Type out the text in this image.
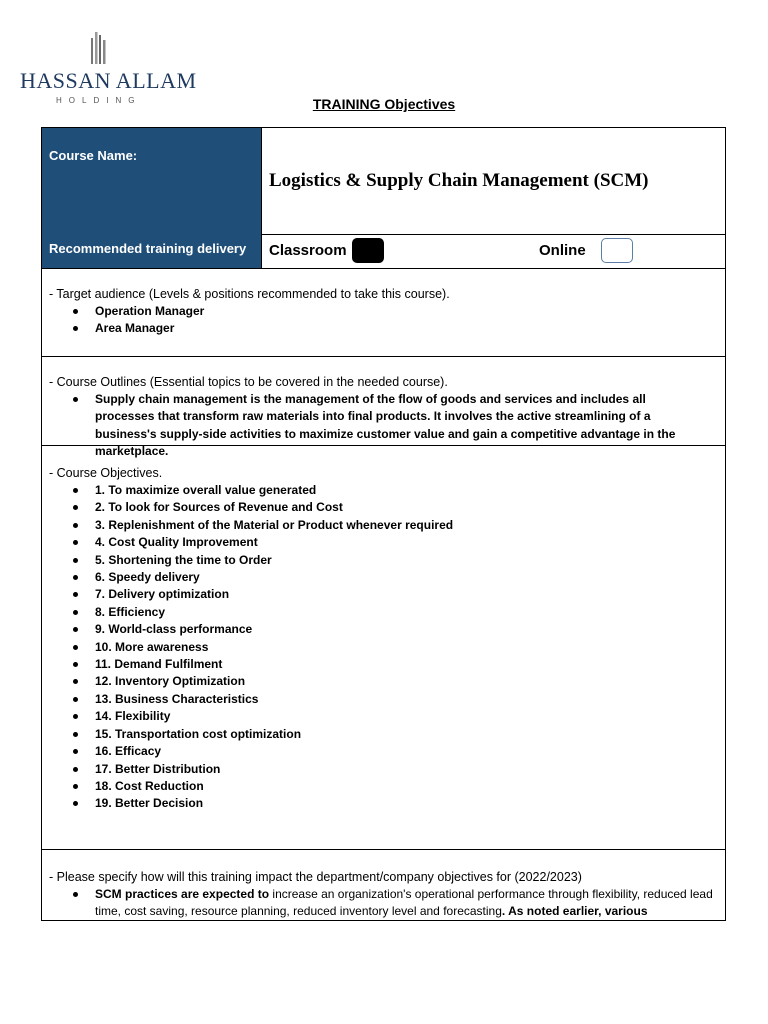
HASSAN ALLAM
HOLDING	TRAINING Objectives
Course Name:
Logistics & Supply Chain Management (SCM)
Recommended training delivery Classroom	Online
- Target audience (Levels & positions recommended to take this course).
Operation Manager
Area Manager
- Course Outlines (Essential topics to be covered in the needed course).
Supply chain management is the management of the flow of goods and services and includes all processes that transform raw materials into final products. It involves the active streamlining of a business's supply-side activities to maximize customer value and gain a competitive advantage in the marketplace.
- Course Objectives.
1. To maximize overall value generated
2. To look for Sources of Revenue and Cost
3. Replenishment of the Material or Product whenever required
4. Cost Quality Improvement
5. Shortening the time to Order
6. Speedy delivery
7. Delivery optimization
8. Efficiency
9. World-class performance
10. More awareness
11. Demand Fulfilment
12. Inventory Optimization
13. Business Characteristics
14. Flexibility
15. Transportation cost optimization
16. Efficacy
17. Better Distribution
18. Cost Reduction
19. Better Decision
- Please specify how will this training impact the department/company objectives for (2022/2023)
SCM practices are expected to increase an organization's operational performance through flexibility, reduced lead time, cost saving, resource planning, reduced inventory level and forecasting. As noted earlier, various
